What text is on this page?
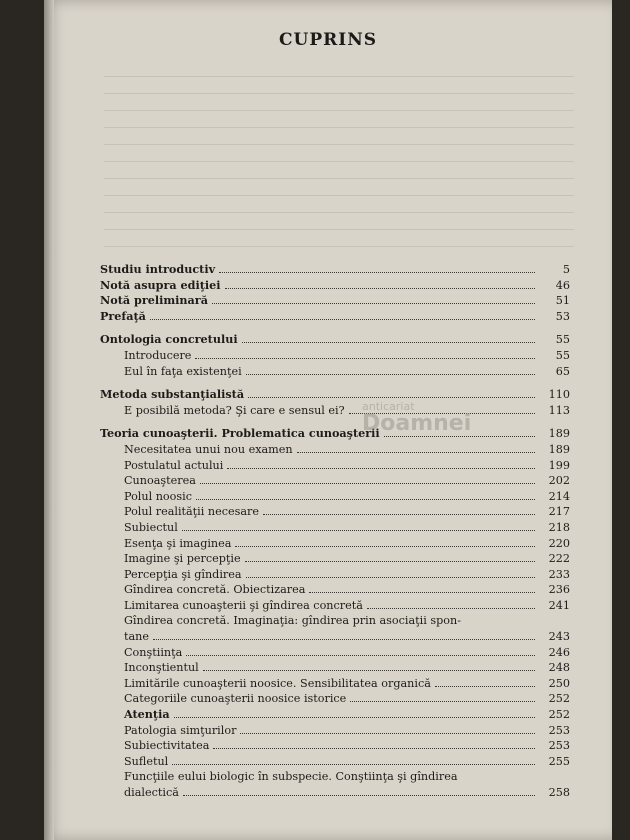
CUPRINS
Studiu introductiv	5
Notă asupra ediţiei	46
Notă preliminară	51
Prefaţă	53
Ontologia concretului	55
Introducere	55
Eul în faţa existenţei	65
Metoda substanţialistă	110
E posibilă metoda? Şi care e sensul ei?	113
Teoria cunoaşterii. Problematica cunoaşterii	189
Necesitatea unui nou examen	189
Postulatul actului	199
Cunoaşterea	202
Polul noosic	214
Polul realităţii necesare	217
Subiectul	218
Esenţa şi imaginea	220
Imagine şi percepţie	222
Percepţia şi gîndirea	233
Gîndirea concretă. Obiectizarea	236
Limitarea cunoaşterii şi gîndirea concretă	241
Gîndirea concretă. Imaginaţia: gîndirea prin asociaţii spon-
tane	243
Conştiinţa	246
Inconştientul	248
Limitările cunoaşterii noosice. Sensibilitatea organică	250
Categoriile cunoaşterii noosice istorice	252
Atenţia	252
Patologia simţurilor	253
Subiectivitatea	253
Sufletul	255
Funcţiile eului biologic în subspecie. Conştiinţa şi gîndirea
dialectică	258
anticariat
Doamnei
